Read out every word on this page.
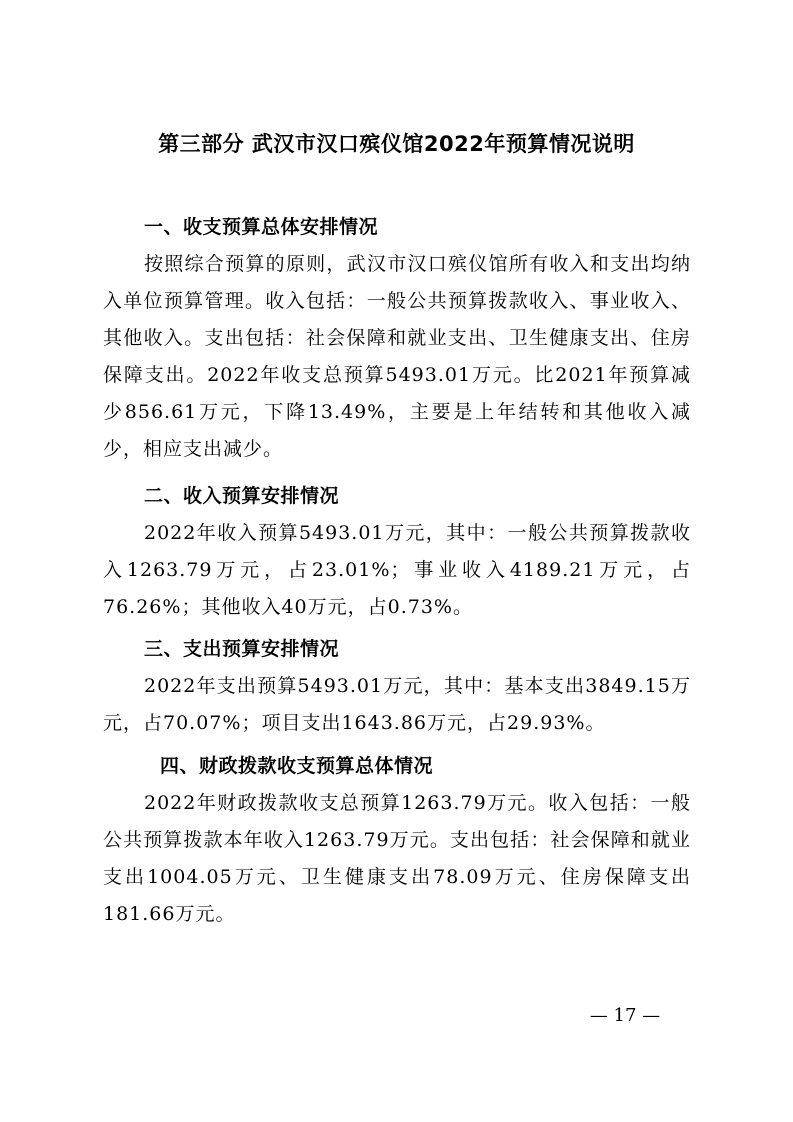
第三部分 武汉市汉口殡仪馆2022年预算情况说明
一、收支预算总体安排情况
按照综合预算的原则，武汉市汉口殡仪馆所有收入和支出均纳入单位预算管理。收入包括：一般公共预算拨款收入、事业收入、其他收入。支出包括：社会保障和就业支出、卫生健康支出、住房保障支出。2022年收支总预算5493.01万元。比2021年预算减少856.61万元，下降13.49%，主要是上年结转和其他收入减少，相应支出减少。
二、收入预算安排情况
2022年收入预算5493.01万元，其中：一般公共预算拨款收入1263.79万元，占23.01%；事业收入4189.21万元，占76.26%；其他收入40万元，占0.73%。
三、支出预算安排情况
2022年支出预算5493.01万元，其中：基本支出3849.15万元，占70.07%；项目支出1643.86万元，占29.93%。
四、财政拨款收支预算总体情况
2022年财政拨款收支总预算1263.79万元。收入包括：一般公共预算拨款本年收入1263.79万元。支出包括：社会保障和就业支出1004.05万元、卫生健康支出78.09万元、住房保障支出181.66万元。
— 17 —
